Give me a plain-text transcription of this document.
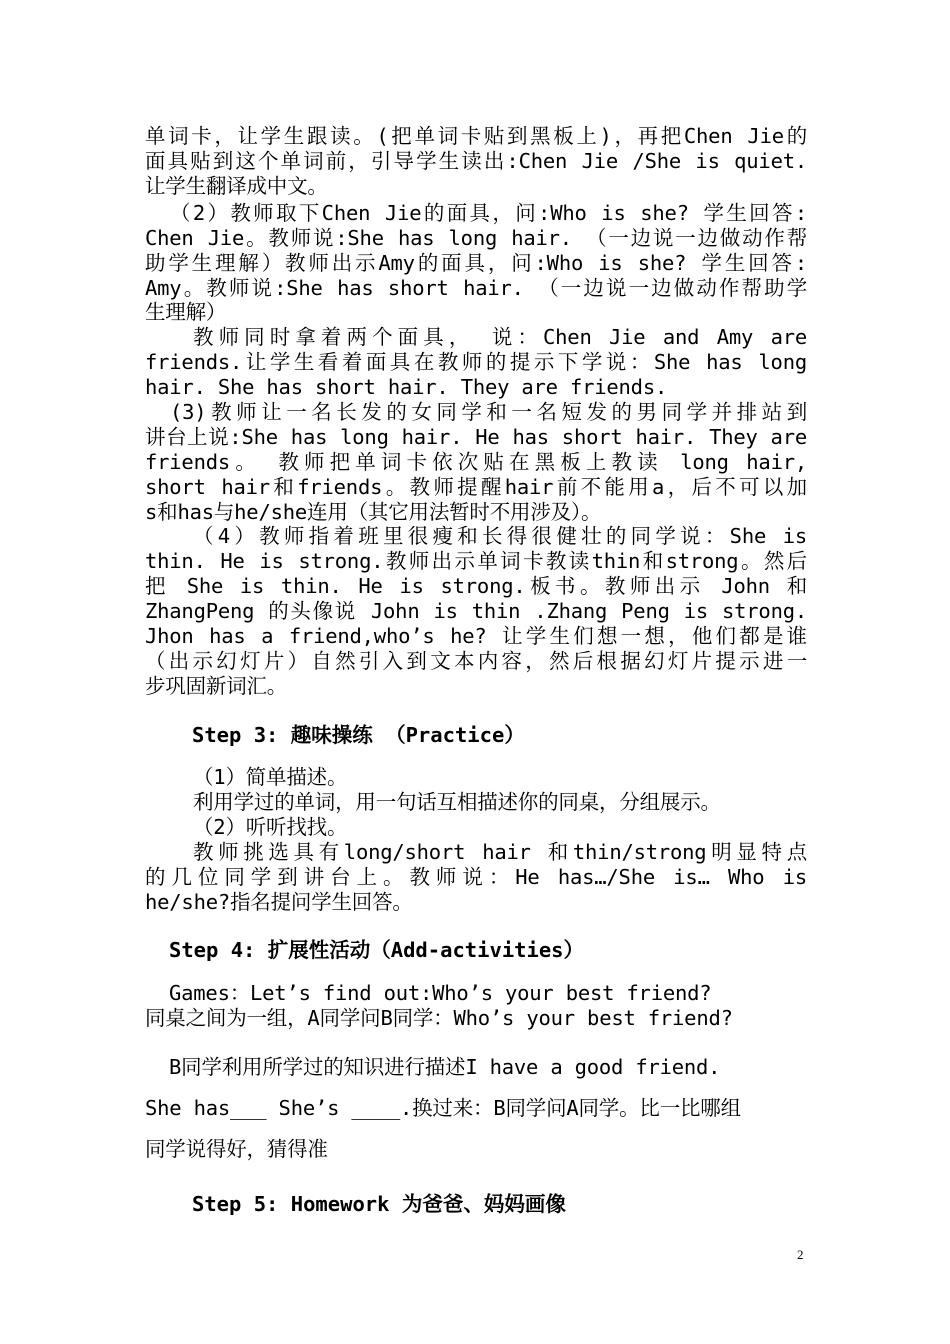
单词卡，让学生跟读。(把单词卡贴到黑板上)，再把Chen Jie的
面具贴到这个单词前，引导学生读出:Chen Jie /She is quiet.
让学生翻译成中文。
（2）教师取下Chen Jie的面具，问:Who is she? 学生回答:
Chen Jie。教师说:She has long hair. （一边说一边做动作帮
助学生理解）教师出示Amy的面具，问:Who is she? 学生回答:
Amy。教师说:She has short hair. （一边说一边做动作帮助学
生理解）
教师同时拿着两个面具， 说：Chen Jie and Amy are
friends.让学生看着面具在教师的提示下学说：She has long
hair. She has short hair. They are friends.
(3)教师让一名长发的女同学和一名短发的男同学并排站到
讲台上说:She has long hair. He has short hair. They are
friends。 教师把单词卡依次贴在黑板上教读 long hair,
short hair和friends。教师提醒hair前不能用a，后不可以加
s和has与he/she连用（其它用法暂时不用涉及）。
（4）教师指着班里很瘦和长得很健壮的同学说：She is
thin. He is strong.教师出示单词卡教读thin和strong。然后
把 She is thin. He is strong.板书。教师出示 John 和
ZhangPeng 的头像说 John is thin .Zhang Peng is strong.
Jhon has a friend,who’s he? 让学生们想一想，他们都是谁
（出示幻灯片）自然引入到文本内容，然后根据幻灯片提示进一
步巩固新词汇。
Step 3: 趣味操练 （Practice）
（1）简单描述。
利用学过的单词，用一句话互相描述你的同桌，分组展示。
（2）听听找找。
教师挑选具有long/short hair 和thin/strong明显特点
的几位同学到讲台上。教师说：He has…/She is… Who is
he/she?指名提问学生回答。
Step 4: 扩展性活动（Add-activities）
Games：Let’s find out:Who’s your best friend?
同桌之间为一组，A同学问B同学：Who’s your best friend?
B同学利用所学过的知识进行描述I have a good friend.
She has___ She’s ____.换过来：B同学问A同学。比一比哪组
同学说得好，猜得准
Step 5: Homework 为爸爸、妈妈画像
2
